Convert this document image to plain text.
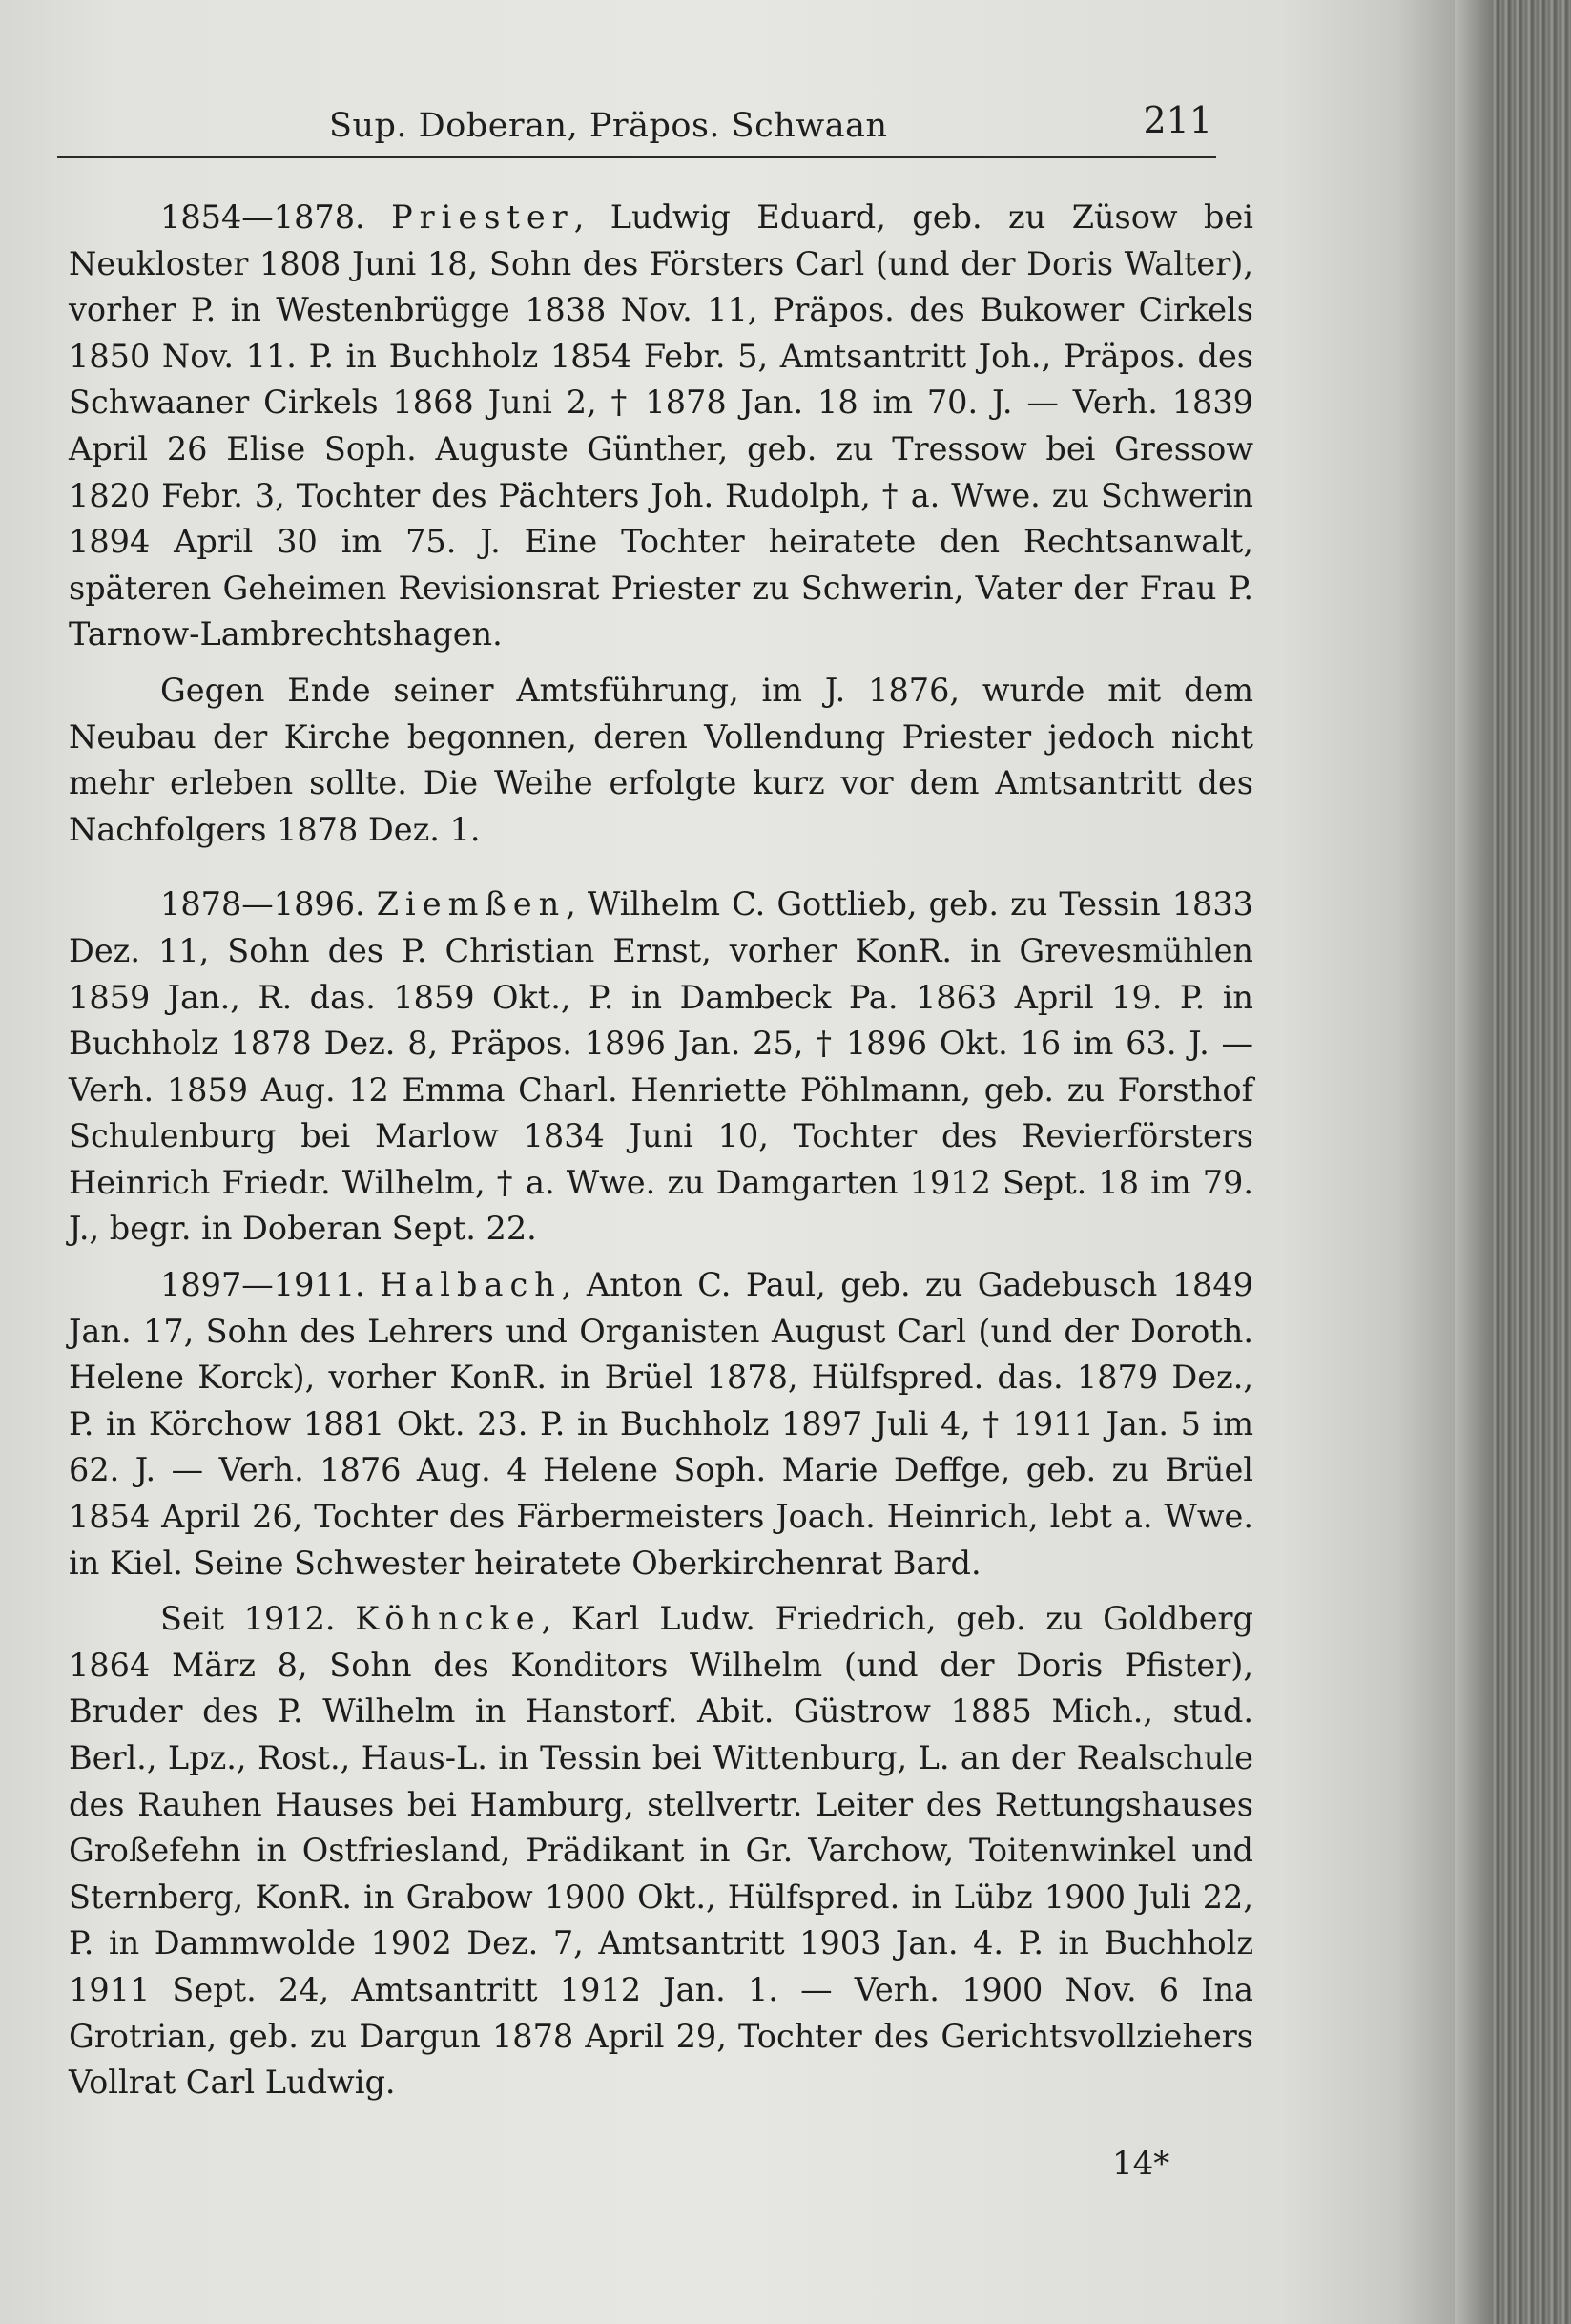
Sup. Doberan, Präpos. Schwaan	211

1854—1878. Priester, Ludwig Eduard, geb. zu Züsow bei Neukloster 1808 Juni 18, Sohn des Försters Carl (und der Doris Walter), vorher P. in Westenbrügge 1838 Nov. 11, Präpos. des Bukower Cirkels 1850 Nov. 11. P. in Buchholz 1854 Febr. 5, Amtsantritt Joh., Präpos. des Schwaaner Cirkels 1868 Juni 2, † 1878 Jan. 18 im 70. J. — Verh. 1839 April 26 Elise Soph. Auguste Günther, geb. zu Tressow bei Gressow 1820 Febr. 3, Tochter des Pächters Joh. Rudolph, † a. Wwe. zu Schwerin 1894 April 30 im 75. J. Eine Tochter heiratete den Rechtsanwalt, späteren Geheimen Revisionsrat Priester zu Schwerin, Vater der Frau P. Tarnow-Lambrechtshagen.

Gegen Ende seiner Amtsführung, im J. 1876, wurde mit dem Neubau der Kirche begonnen, deren Vollendung Priester jedoch nicht mehr erleben sollte. Die Weihe erfolgte kurz vor dem Amtsantritt des Nachfolgers 1878 Dez. 1.

1878—1896. Ziemßen, Wilhelm C. Gottlieb, geb. zu Tessin 1833 Dez. 11, Sohn des P. Christian Ernst, vorher KonR. in Grevesmühlen 1859 Jan., R. das. 1859 Okt., P. in Dambeck Pa. 1863 April 19. P. in Buchholz 1878 Dez. 8, Präpos. 1896 Jan. 25, † 1896 Okt. 16 im 63. J. — Verh. 1859 Aug. 12 Emma Charl. Henriette Pöhlmann, geb. zu Forsthof Schulenburg bei Marlow 1834 Juni 10, Tochter des Revierförsters Heinrich Friedr. Wilhelm, † a. Wwe. zu Damgarten 1912 Sept. 18 im 79. J., begr. in Doberan Sept. 22.

1897—1911. Halbach, Anton C. Paul, geb. zu Gadebusch 1849 Jan. 17, Sohn des Lehrers und Organisten August Carl (und der Doroth. Helene Korck), vorher KonR. in Brüel 1878, Hülfspred. das. 1879 Dez., P. in Körchow 1881 Okt. 23. P. in Buchholz 1897 Juli 4, † 1911 Jan. 5 im 62. J. — Verh. 1876 Aug. 4 Helene Soph. Marie Deffge, geb. zu Brüel 1854 April 26, Tochter des Färbermeisters Joach. Heinrich, lebt a. Wwe. in Kiel. Seine Schwester heiratete Oberkirchenrat Bard.

Seit 1912. Köhncke, Karl Ludw. Friedrich, geb. zu Goldberg 1864 März 8, Sohn des Konditors Wilhelm (und der Doris Pfister), Bruder des P. Wilhelm in Hanstorf. Abit. Güstrow 1885 Mich., stud. Berl., Lpz., Rost., Haus-L. in Tessin bei Wittenburg, L. an der Realschule des Rauhen Hauses bei Hamburg, stellvertr. Leiter des Rettungshauses Großefehn in Ostfriesland, Prädikant in Gr. Varchow, Toitenwinkel und Sternberg, KonR. in Grabow 1900 Okt., Hülfspred. in Lübz 1900 Juli 22, P. in Dammwolde 1902 Dez. 7, Amtsantritt 1903 Jan. 4. P. in Buchholz 1911 Sept. 24, Amtsantritt 1912 Jan. 1. — Verh. 1900 Nov. 6 Ina Grotrian, geb. zu Dargun 1878 April 29, Tochter des Gerichtsvollziehers Vollrat Carl Ludwig.

14*
